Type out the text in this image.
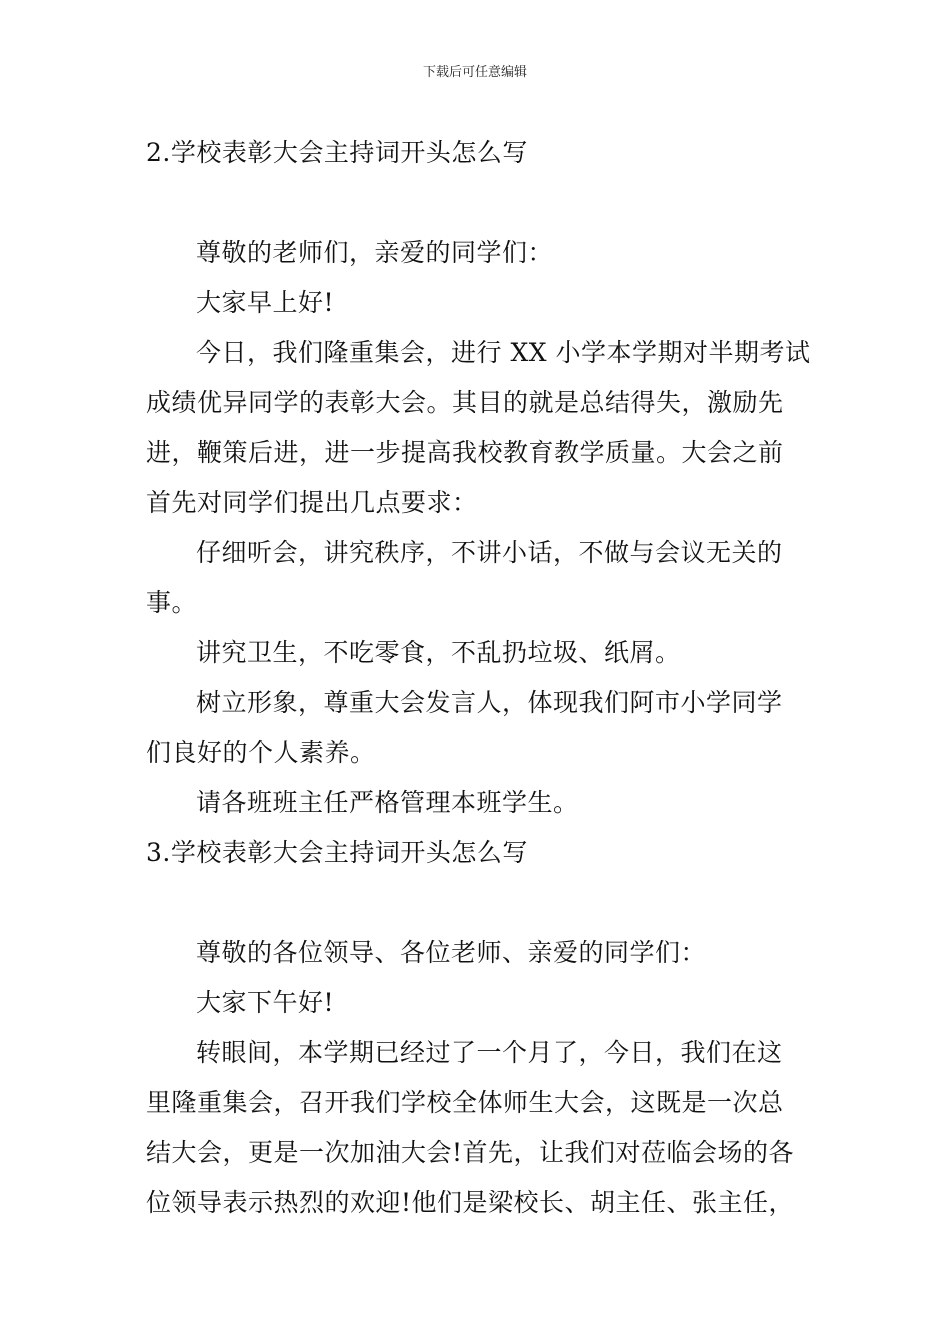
下载后可任意编辑
2.学校表彰大会主持词开头怎么写
尊敬的老师们，亲爱的同学们：
大家早上好!
今日，我们隆重集会，进行 XX 小学本学期对半期考试
成绩优异同学的表彰大会。其目的就是总结得失，激励先
进，鞭策后进，进一步提高我校教育教学质量。大会之前
首先对同学们提出几点要求：
仔细听会，讲究秩序，不讲小话，不做与会议无关的
事。
讲究卫生，不吃零食，不乱扔垃圾、纸屑。
树立形象，尊重大会发言人，体现我们阿市小学同学
们良好的个人素养。
请各班班主任严格管理本班学生。
3.学校表彰大会主持词开头怎么写
尊敬的各位领导、各位老师、亲爱的同学们：
大家下午好!
转眼间，本学期已经过了一个月了，今日，我们在这
里隆重集会，召开我们学校全体师生大会，这既是一次总
结大会，更是一次加油大会!首先，让我们对莅临会场的各
位领导表示热烈的欢迎!他们是梁校长、胡主任、张主任，
